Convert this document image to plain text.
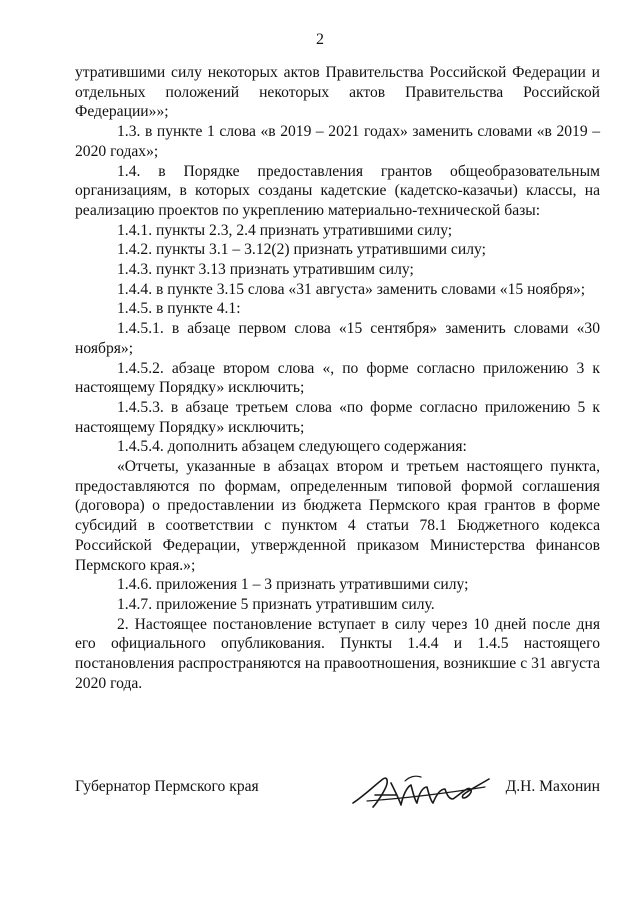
2

утратившими силу некоторых актов Правительства Российской Федерации и отдельных положений некоторых актов Правительства Российской Федерации»»;

1.3. в пункте 1 слова «в 2019 – 2021 годах» заменить словами «в 2019 – 2020 годах»;

1.4. в Порядке предоставления грантов общеобразовательным организациям, в которых созданы кадетские (кадетско-казачьи) классы, на реализацию проектов по укреплению материально-технической базы:

1.4.1. пункты 2.3, 2.4 признать утратившими силу;

1.4.2. пункты 3.1 – 3.12(2) признать утратившими силу;

1.4.3. пункт 3.13 признать утратившим силу;

1.4.4. в пункте 3.15 слова «31 августа» заменить словами «15 ноября»;

1.4.5. в пункте 4.1:

1.4.5.1. в абзаце первом слова «15 сентября» заменить словами «30 ноября»;

1.4.5.2. абзаце втором слова «, по форме согласно приложению 3 к настоящему Порядку» исключить;

1.4.5.3. в абзаце третьем слова «по форме согласно приложению 5 к настоящему Порядку» исключить;

1.4.5.4. дополнить абзацем следующего содержания:

«Отчеты, указанные в абзацах втором и третьем настоящего пункта, предоставляются по формам, определенным типовой формой соглашения (договора) о предоставлении из бюджета Пермского края грантов в форме субсидий в соответствии с пунктом 4 статьи 78.1 Бюджетного кодекса Российской Федерации, утвержденной приказом Министерства финансов Пермского края.»;

1.4.6. приложения 1 – 3 признать утратившими силу;

1.4.7. приложение 5 признать утратившим силу.

2. Настоящее постановление вступает в силу через 10 дней после дня его официального опубликования. Пункты 1.4.4 и 1.4.5 настоящего постановления распространяются на правоотношения, возникшие с 31 августа 2020 года.

Губернатор Пермского края	Д.Н. Махонин
